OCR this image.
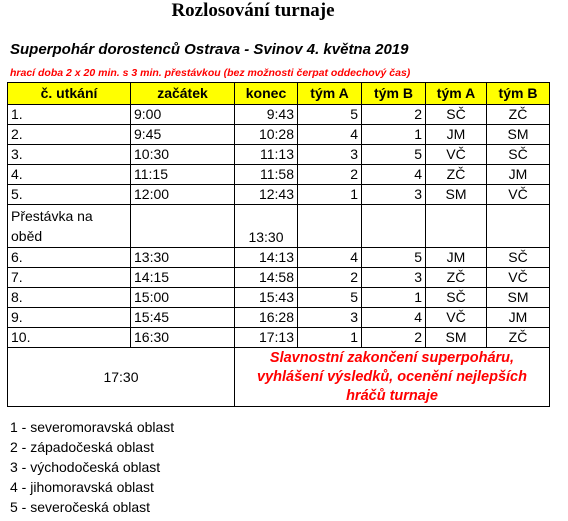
Rozlosování turnaje
Superpohár dorostenců Ostrava - Svinov 4. května 2019
hrací doba 2 x 20 min. s 3 min. přestávkou (bez možnosti čerpat oddechový čas)
č. utkání	začátek	konec	tým A	tým B	tým A	tým B
1.	9:00	9:43	5	2	SČ	ZČ
2.	9:45	10:28	4	1	JM	SM
3.	10:30	11:13	3	5	VČ	SČ
4.	11:15	11:58	2	4	ZČ	JM
5.	12:00	12:43	1	3	SM	VČ
Přestávka na oběd		13:30				
6.	13:30	14:13	4	5	JM	SČ
7.	14:15	14:58	2	3	ZČ	VČ
8.	15:00	15:43	5	1	SČ	SM
9.	15:45	16:28	3	4	VČ	JM
10.	16:30	17:13	1	2	SM	ZČ
17:30		Slavnostní zakončení superpoháru, vyhlášení výsledků, ocenění nejlepších hráčů turnaje				
1 - severomoravská oblast
2 - západočeská oblast
3 - východočeská oblast
4 - jihomoravská oblast
5 - severočeská oblast
